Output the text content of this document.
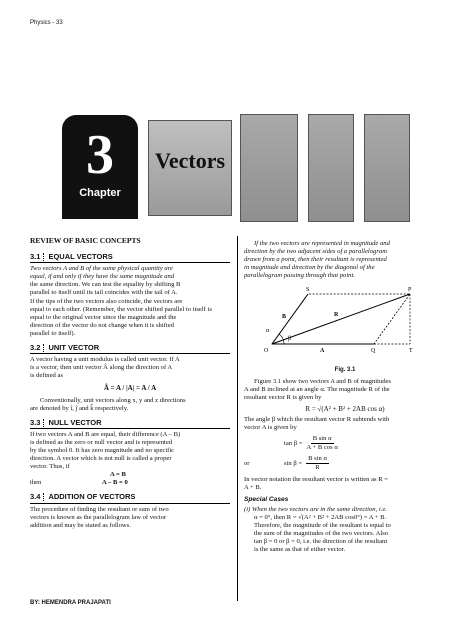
Physics - 33
3
Chapter
Vectors
REVIEW OF BASIC CONCEPTS
3.1 EQUAL VECTORS
Two vectors A and B of the same physical quantity are
equal, if and only if they have the same magnitude and
the same direction. We can test the equality by shifting B
parallel to itself until its tail coincides with the tail of A.
If the tips of the two vectors also coincide, the vectors are
equal to each other. (Remember, the vector shifted parallel to itself is
equal to the original vector since the magnitude and the
direction of the vector do not change when it is shifted
parallel to itself).
3.2 UNIT VECTOR
A vector having a unit modulus is called unit vector. If A
is a vector, then unit vector Â along the direction of A
is defined as
Â = A / |A| = A / A
Conventionally, unit vectors along x, y and z directions
are denoted by î, ĵ and k̂ respectively.
3.3 NULL VECTOR
If two vectors A and B are equal, their difference (A – B)
is defined as the zero or null vector and is represented
by the symbol 0. It has zero magnitude and no specific
direction. A vector which is not null is called a proper
vector. Thus, if
A = B
then	A – B = 0
3.4 ADDITION OF VECTORS
The procedure of finding the resultant or sum of two
vectors is known as the parallelogram law of vector
addition and may be stated as follows.
If the two vectors are represented in magnitude and
direction by the two adjacent sides of a parallelogram
drawn from a point, then their resultant is represented
in magnitude and direction by the diagonal of the
parallelogram passing through that point.
S	P
B	R
α
β
O	A	Q	T
Fig. 3.1
Figure 3.1 show two vectors A and B of magnitudes
A and B inclined at an angle α. The magnitude R of the
resultant vector R is given by
R = √(A² + B² + 2AB cos α)
The angle β which the resultant vector R subtends with
vector A is given by
$\tan \beta = \frac{\text{B sin α}}{\text{A + B cos α}}$
or	$\sin \beta = \frac{\text{B sin α}}{R}$
In vector notation the resultant vector is written as R =
A + B.
Special Cases
(i) When the two vectors are in the same direction, i.e.
α = 0°, then R = √(A² + B² + 2AB cos0°) = A + B.
Therefore, the magnitude of the resultant is equal to
the sum of the magnitudes of the two vectors. Also
tan β = 0 or β = 0, i.e. the direction of the resultant
is the same as that of either vector.
BY: HEMENDRA PRAJAPATI
